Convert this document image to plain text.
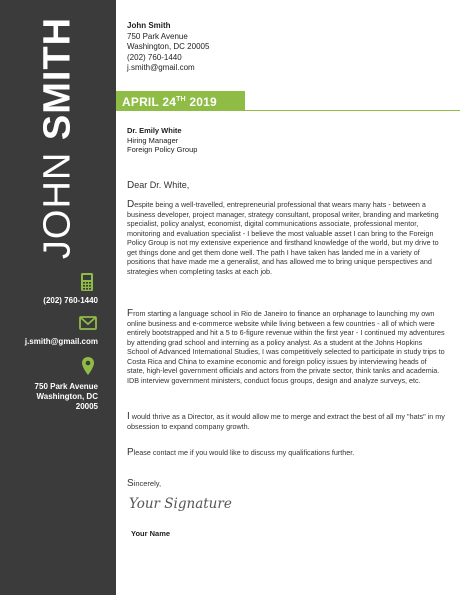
JOHN SMITH
(202) 760-1440
j.smith@gmail.com
750 Park Avenue
Washington, DC
20005
John Smith
750 Park Avenue
Washington, DC 20005
(202) 760-1440
j.smith@gmail.com
APRIL 24TH 2019
Dr. Emily White
Hiring Manager
Foreign Policy Group
Dear Dr. White,
Despite being a well-travelled, entrepreneurial professional that wears many hats - between a business developer, project manager, strategy consultant, proposal writer, branding and marketing specialist, policy analyst, economist, digital communications associate, professional mentor, monitoring and evaluation specialist - I believe the most valuable asset I can bring to the Foreign Policy Group is not my extensive experience and firsthand knowledge of the world, but my drive to get things done and get them done well. The path I have taken has landed me in a variety of positions that have made me a generalist, and has allowed me to bring unique perspectives and strategies when completing tasks at each job.
From starting a language school in Rio de Janeiro to finance an orphanage to launching my own online business and e-commerce website while living between a few countries - all of which were entirely bootstrapped and hit a 5 to 6-figure revenue within the first year - I continued my adventures by attending grad school and interning as a policy analyst. As a student at the Johns Hopkins School of Advanced International Studies, I was competitively selected to participate in study trips to Costa Rica and China to examine economic and foreign policy issues by interviewing heads of state, high-level government officials and actors from the private sector, think tanks and academia. IDB interview government ministers, conduct focus groups, design and analyze surveys, etc.
I would thrive as a Director, as it would allow me to merge and extract the best of all my "hats" in my obsession to expand company growth.
Please contact me if you would like to discuss my qualifications further.
Sincerely,
Your Signature
Your Name
